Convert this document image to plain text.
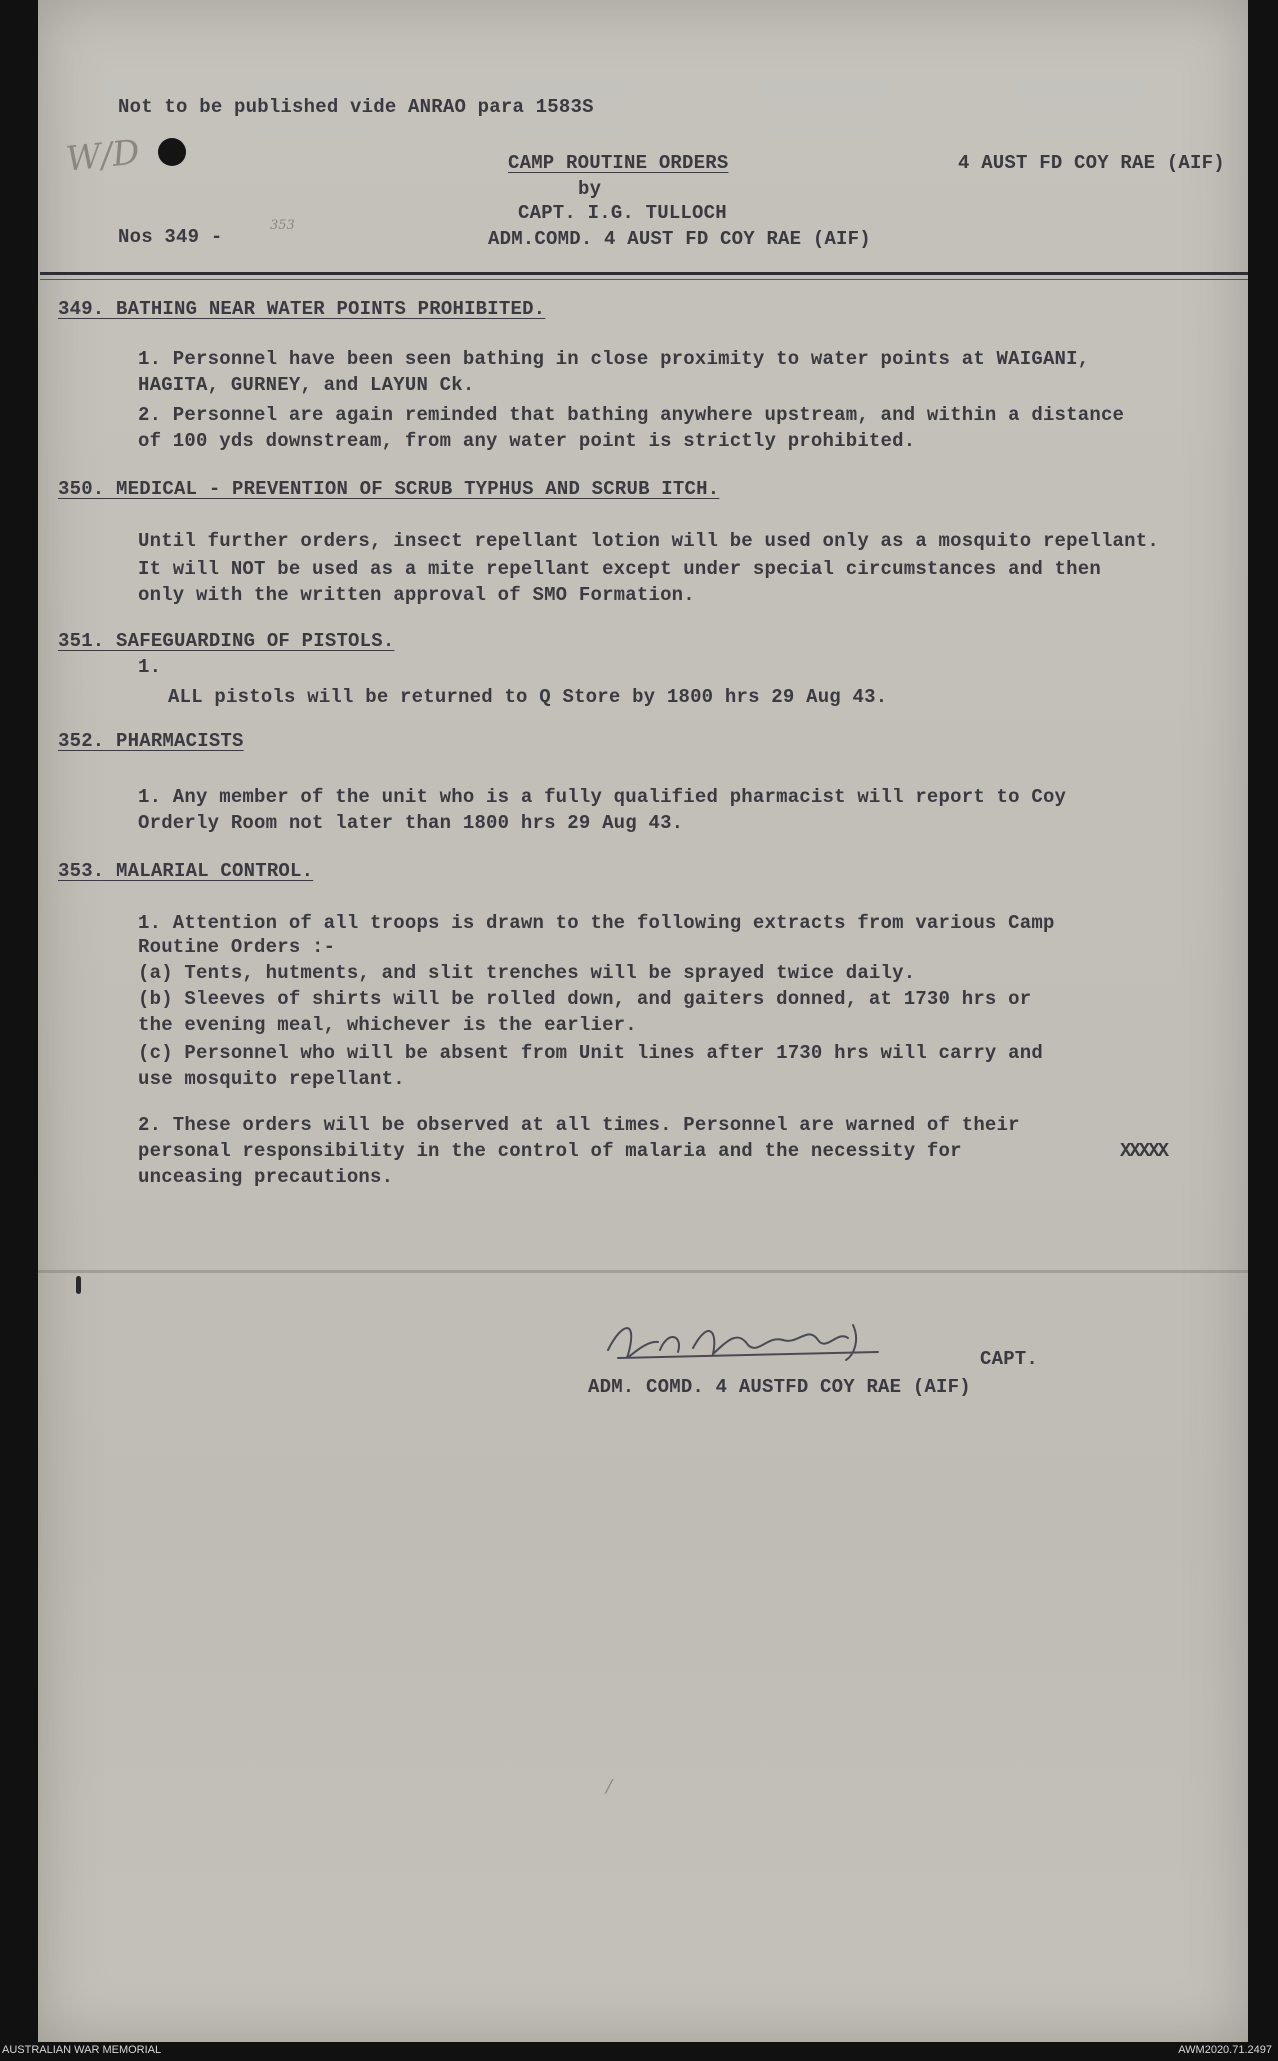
W/D

Not to be published vide ANRAO para 1583S

CAMP ROUTINE ORDERS	4 AUST FD COY RAE (AIF)

by

CAPT. I.G. TULLOCH

Nos 349 -

353

ADM.COMD. 4 AUST FD COY RAE (AIF)

349. BATHING NEAR WATER POINTS PROHIBITED.

1. Personnel have been seen bathing in close proximity to water points at WAIGANI,

HAGITA, GURNEY, and LAYUN Ck.

2. Personnel are again reminded that bathing anywhere upstream, and within a distance

of 100 yds downstream, from any water point is strictly prohibited.

350. MEDICAL - PREVENTION OF SCRUB TYPHUS AND SCRUB ITCH.

Until further orders, insect repellant lotion will be used only as a mosquito repellant.

It will NOT be used as a mite repellant except under special circumstances and then

only with the written approval of SMO Formation.

351. SAFEGUARDING OF PISTOLS.

1.

ALL pistols will be returned to Q Store by 1800 hrs 29 Aug 43.

352. PHARMACISTS

1. Any member of the unit who is a fully qualified pharmacist will report to Coy

Orderly Room not later than 1800 hrs 29 Aug 43.

353. MALARIAL CONTROL.

1. Attention of all troops is drawn to the following extracts from various Camp

Routine Orders :-

(a) Tents, hutments, and slit trenches will be sprayed twice daily.

(b) Sleeves of shirts will be rolled down, and gaiters donned, at 1730 hrs or

the evening meal, whichever is the earlier.

(c) Personnel who will be absent from Unit lines after 1730 hrs will carry and

use mosquito repellant.

2. These orders will be observed at all times. Personnel are warned of their

personal responsibility in the control of malaria and the necessity for	XXXXX

unceasing precautions.

CAPT.

ADM. COMD. 4 AUSTFD COY RAE (AIF)

/
AUSTRALIAN WAR MEMORIAL	AWM2020.71.2497
